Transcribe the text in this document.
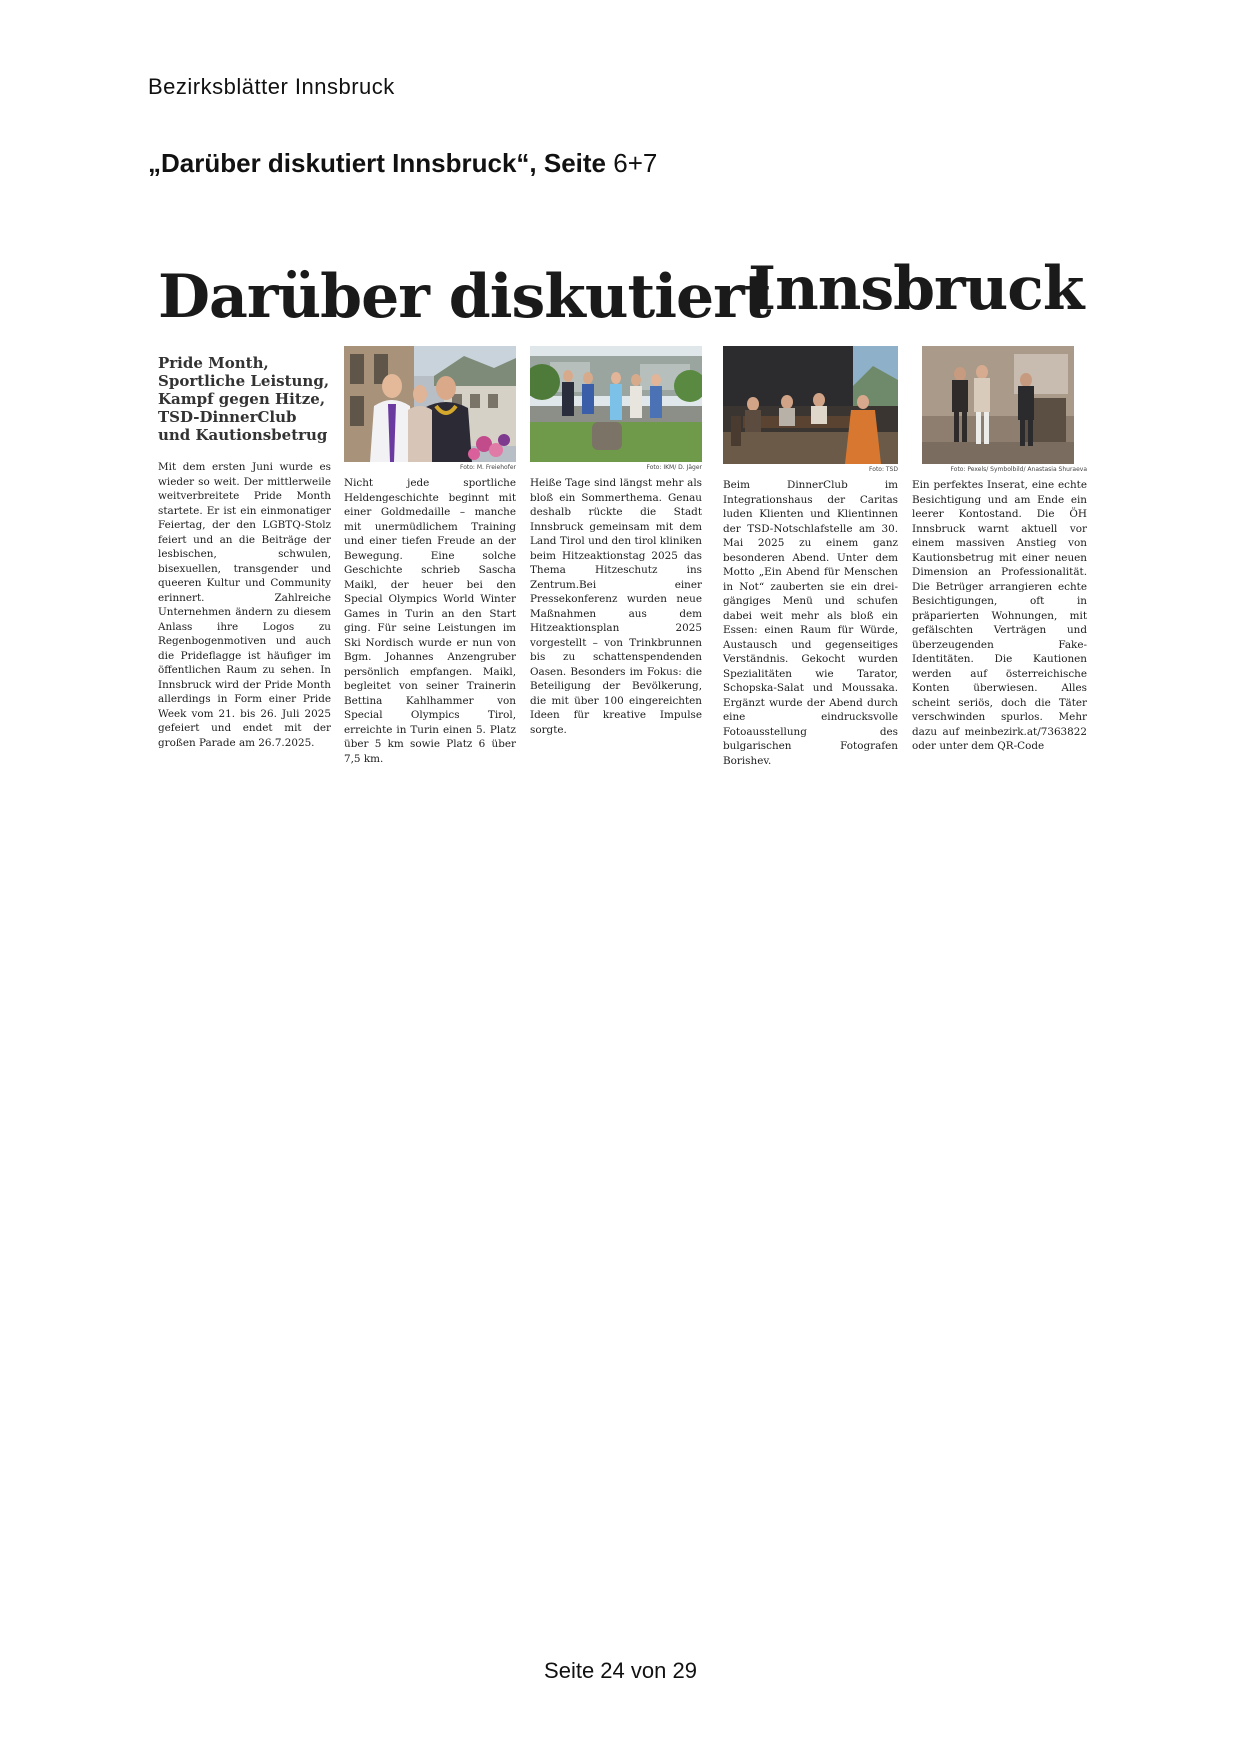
Bezirksblätter Innsbruck
„Darüber diskutiert Innsbruck“, Seite 6+7
Darüber diskutiert
Innsbruck
Pride Month, Sportliche Leistung, Kampf gegen Hitze, TSD-DinnerClub und Kautionsbetrug
Mit dem ersten Juni wurde es wieder so weit. Der mittlerweile weitverbreitete Pride Month startete. Er ist ein einmonatiger Feiertag, der den LGBTQ-Stolz feiert und an die Beiträge der lesbischen, schwulen, bisexuellen, transgender und queeren Kultur und Community erinnert. Zahlreiche Unternehmen ändern zu diesem Anlass ihre Logos zu Regenbogenmotiven und auch die Prideflagge ist häufiger im öffentlichen Raum zu sehen. In Innsbruck wird der Pride Month allerdings in Form einer Pride Week vom 21. bis 26. Juli 2025 gefeiert und endet mit der großen Parade am 26.7.2025.
Foto: M. Freiehofer
Nicht jede sportliche Heldengeschichte beginnt mit einer Goldmedaille – manche mit unermüdlichem Training und einer tiefen Freude an der Bewegung. Eine solche Geschichte schrieb Sascha Maikl, der heuer bei den Special Olympics World Winter Games in Turin an den Start ging. Für seine Leistungen im Ski Nordisch wurde er nun von Bgm. Johannes Anzengruber persönlich empfangen. Maikl, begleitet von seiner Trainerin Bettina Kahlhammer von Special Olympics Tirol, erreichte in Turin einen 5. Platz über 5 km sowie Platz 6 über 7,5 km.
Foto: IKM/ D. Jäger
Heiße Tage sind längst mehr als bloß ein Sommerthema. Genau deshalb rückte die Stadt Innsbruck gemeinsam mit dem Land Tirol und den tirol kliniken beim Hitzeaktionstag 2025 das Thema Hitzeschutz ins Zentrum.Bei einer Pressekonferenz wurden neue Maßnahmen aus dem Hitzeaktionsplan 2025 vorgestellt – von Trinkbrunnen bis zu schattenspendenden Oasen. Besonders im Fokus: die Beteiligung der Bevölkerung, die mit über 100 eingereichten Ideen für kreative Impulse sorgte.
Foto: TSD
Beim DinnerClub im Integrationshaus der Caritas luden Klienten und Klientinnen der TSD-Notschlafstelle am 30. Mai 2025 zu einem ganz besonderen Abend. Unter dem Motto „Ein Abend für Menschen in Not“ zauberten sie ein drei-gängiges Menü und schufen dabei weit mehr als bloß ein Essen: einen Raum für Würde, Austausch und gegenseitiges Verständnis. Gekocht wurden Spezialitäten wie Tarator, Schopska-Salat und Moussaka. Ergänzt wurde der Abend durch eine eindrucksvolle Fotoausstellung des bulgarischen Fotografen Borishev.
Foto: Pexels/ Symbolbild/ Anastasia Shuraeva
Ein perfektes Inserat, eine echte Besichtigung und am Ende ein leerer Kontostand. Die ÖH Innsbruck warnt aktuell vor einem massiven Anstieg von Kautionsbetrug mit einer neuen Dimension an Professionalität. Die Betrüger arrangieren echte Besichtigungen, oft in präparierten Wohnungen, mit gefälschten Verträgen und überzeugenden Fake-Identitäten. Die Kautionen werden auf österreichische Konten überwiesen. Alles scheint seriös, doch die Täter verschwinden spurlos. Mehr dazu auf meinbezirk.at/7363822 oder unter dem QR-Code
Seite 24 von 29
